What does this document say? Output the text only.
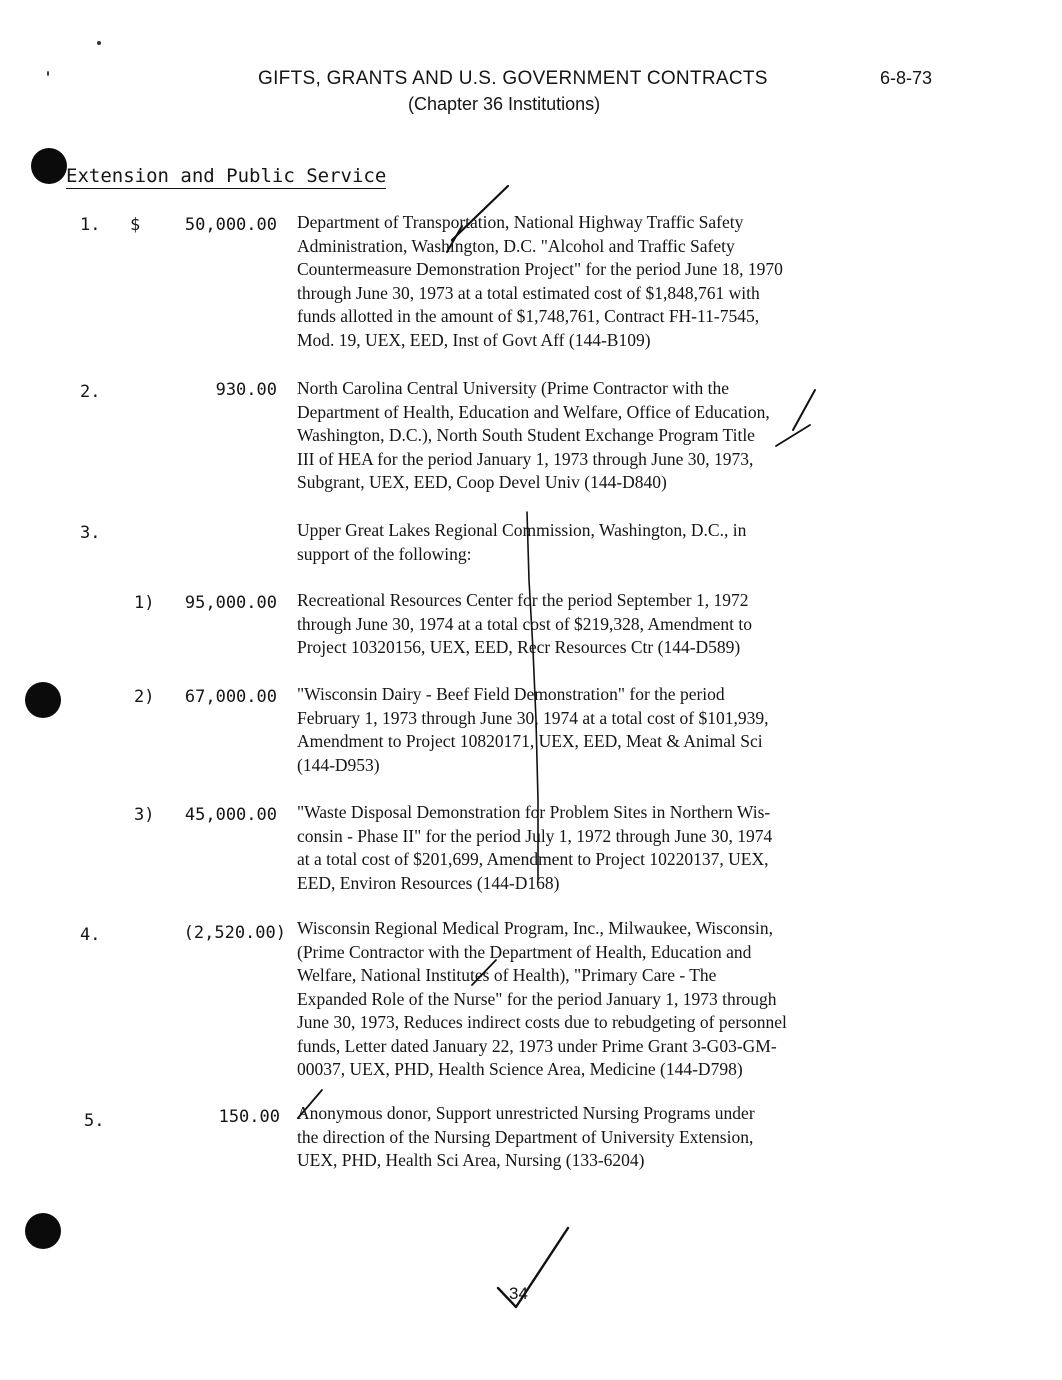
GIFTS, GRANTS AND U.S. GOVERNMENT CONTRACTS
(Chapter 36 Institutions)
6-8-73
Extension and Public Service
1. $	50,000.00 Department of Transportation, National Highway Traffic Safety
Administration, Washington, D.C. "Alcohol and Traffic Safety
Countermeasure Demonstration Project" for the period June 18, 1970
through June 30, 1973 at a total estimated cost of $1,848,761 with
funds allotted in the amount of $1,748,761, Contract FH-11-7545,
Mod. 19, UEX, EED, Inst of Govt Aff (144-B109)
2.	930.00 North Carolina Central University (Prime Contractor with the
Department of Health, Education and Welfare, Office of Education,
Washington, D.C.), North South Student Exchange Program Title
III of HEA for the period January 1, 1973 through June 30, 1973,
Subgrant, UEX, EED, Coop Devel Univ (144-D840)
3.	Upper Great Lakes Regional Commission, Washington, D.C., in
support of the following:
1) 95,000.00 Recreational Resources Center for the period September 1, 1972
through June 30, 1974 at a total cost of $219,328, Amendment to
Project 10320156, UEX, EED, Recr Resources Ctr (144-D589)
2) 67,000.00 "Wisconsin Dairy - Beef Field Demonstration" for the period
February 1, 1973 through June 30, 1974 at a total cost of $101,939,
Amendment to Project 10820171, UEX, EED, Meat & Animal Sci
(144-D953)
3) 45,000.00 "Waste Disposal Demonstration for Problem Sites in Northern Wis-
consin - Phase II" for the period July 1, 1972 through June 30, 1974
at a total cost of $201,699, Amendment to Project 10220137, UEX,
EED, Environ Resources (144-D168)
4.	(2,520.00) Wisconsin Regional Medical Program, Inc., Milwaukee, Wisconsin,
(Prime Contractor with the Department of Health, Education and
Welfare, National Institutes of Health), "Primary Care - The
Expanded Role of the Nurse" for the period January 1, 1973 through
June 30, 1973, Reduces indirect costs due to rebudgeting of personnel
funds, Letter dated January 22, 1973 under Prime Grant 3-G03-GM-
00037, UEX, PHD, Health Science Area, Medicine (144-D798)
5.	150.00 Anonymous donor, Support unrestricted Nursing Programs under
the direction of the Nursing Department of University Extension,
UEX, PHD, Health Sci Area, Nursing (133-6204)
34
